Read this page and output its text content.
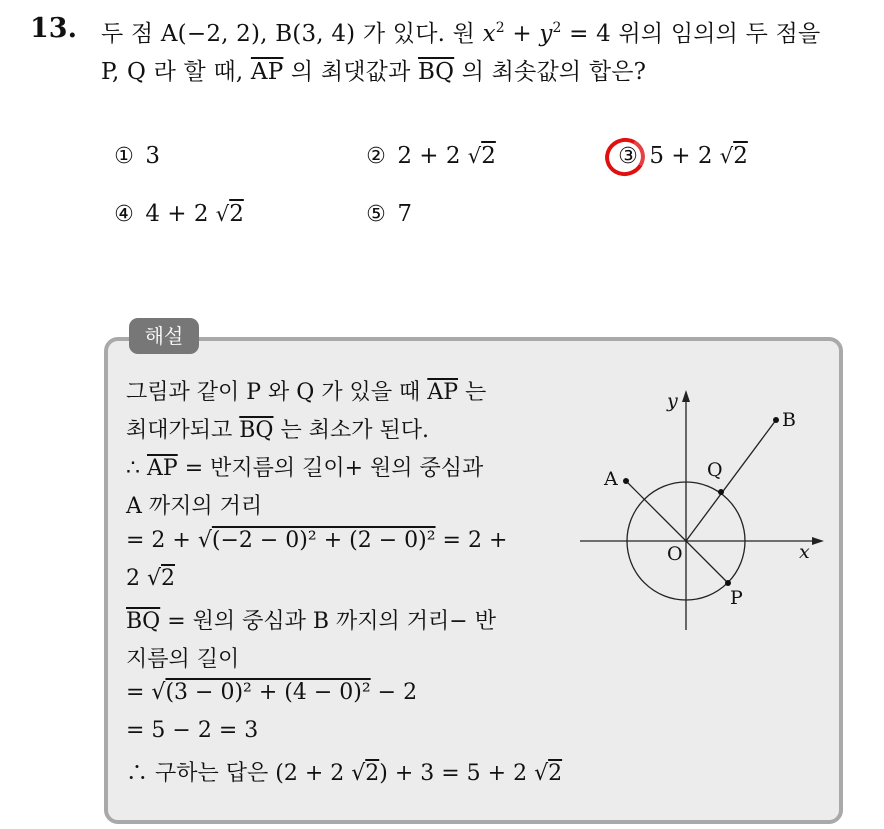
13. 두 점 A(−2, 2), B(3, 4) 가 있다. 원 $x^2 + y^2 = 4$ 위의 임의의 두 점을
P, Q 라 할 때, $\overline{AP}$ 의 최댓값과 $\overline{BQ}$ 의 최솟값의 합은?
① 3	② 2 + 2 √2	③ 5 + 2 √2
④ 4 + 2 √2	⑤ 7
해설
그림과 같이 P 와 Q 가 있을 때 $\overline{AP}$ 는
최대가되고 $\overline{BQ}$ 는 최소가 된다.
∴ $\overline{AP}$ = 반지름의 길이+ 원의 중심과
A 까지의 거리
= 2 + √(−2 − 0)² + (2 − 0)² = 2 +
2 √2
$\overline{BQ}$ = 원의 중심과 B 까지의 거리− 반
지름의 길이
= √(3 − 0)² + (4 − 0)² − 2
= 5 − 2 = 3
∴ 구하는 답은 (2 + 2 √2) + 3 = 5 + 2 √2
y
x
O
A
B
Q
P
